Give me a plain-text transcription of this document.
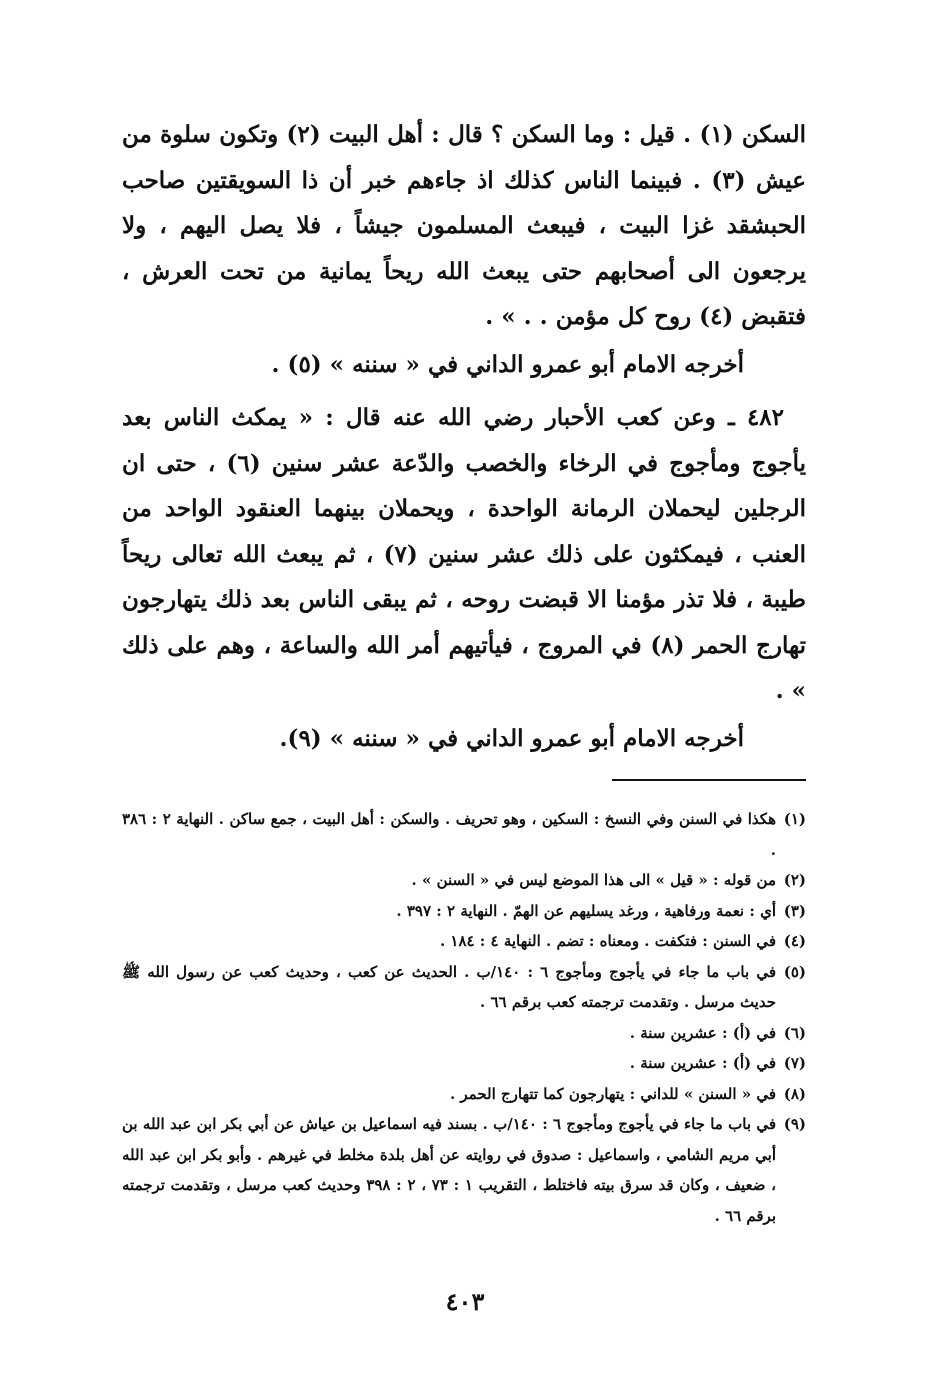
السكن (١) . قيل : وما السكن ؟ قال : أهل البيت (٢) وتكون سلوة من عيش (٣) . فبينما الناس كذلك اذ جاءهم خبر أن ذا السويقتين صاحب الحبشقد غزا البيت ، فيبعث المسلمون جيشاً ، فلا يصل اليهم ، ولا يرجعون الى أصحابهم حتى يبعث الله ريحاً يمانية من تحت العرش ، فتقبض (٤) روح كل مؤمن . . » .

أخرجه الامام أبو عمرو الداني في « سننه » (٥) .

٤٨٢ ـ وعن كعب الأحبار رضي الله عنه قال : « يمكث الناس بعد يأجوج ومأجوج في الرخاء والخصب والدّعة عشر سنين (٦) ، حتى ان الرجلين ليحملان الرمانة الواحدة ، ويحملان بينهما العنقود الواحد من العنب ، فيمكثون على ذلك عشر سنين (٧) ، ثم يبعث الله تعالى ريحاً طيبة ، فلا تذر مؤمنا الا قبضت روحه ، ثم يبقى الناس بعد ذلك يتهارجون تهارج الحمر (٨) في المروج ، فيأتيهم أمر الله والساعة ، وهم على ذلك » .

أخرجه الامام أبو عمرو الداني في « سننه » (٩).

(١)
هكذا في السنن وفي النسخ : السكين ، وهو تحريف . والسكن : أهل البيت ، جمع ساكن . النهاية ٢ : ٣٨٦ .

(٢)
من قوله : « قيل » الى هذا الموضع ليس في « السنن » .

(٣)
أي : نعمة ورفاهية ، ورغد يسليهم عن الهمّ . النهاية ٢ : ٣٩٧ .

(٤)
في السنن : فتكفت . ومعناه : تضم . النهاية ٤ : ١٨٤ .

(٥)
في باب ما جاء في يأجوج ومأجوج ٦ : ١٤٠/ب . الحديث عن كعب ، وحديث كعب عن رسول الله ﷺ حديث مرسل . وتقدمت ترجمته كعب برقم ٦٦ .

(٦)
في (أ) : عشرين سنة .

(٧)
في (أ) : عشرين سنة .

(٨)
في « السنن » للداني : يتهارجون كما تتهارج الحمر .

(٩)
في باب ما جاء في يأجوج ومأجوج ٦ : ١٤٠/ب . بسند فيه اسماعيل بن عياش عن أبي بكر ابن عبد الله بن أبي مريم الشامي ، واسماعيل : صدوق في روايته عن أهل بلدة مخلط في غيرهم . وأبو بكر ابن عبد الله ، ضعيف ، وكان قد سرق بيته فاختلط ، التقريب ١ : ٧٣ ، ٢ : ٣٩٨ وحديث كعب مرسل ، وتقدمت ترجمته برقم ٦٦ .

٤٠٣
